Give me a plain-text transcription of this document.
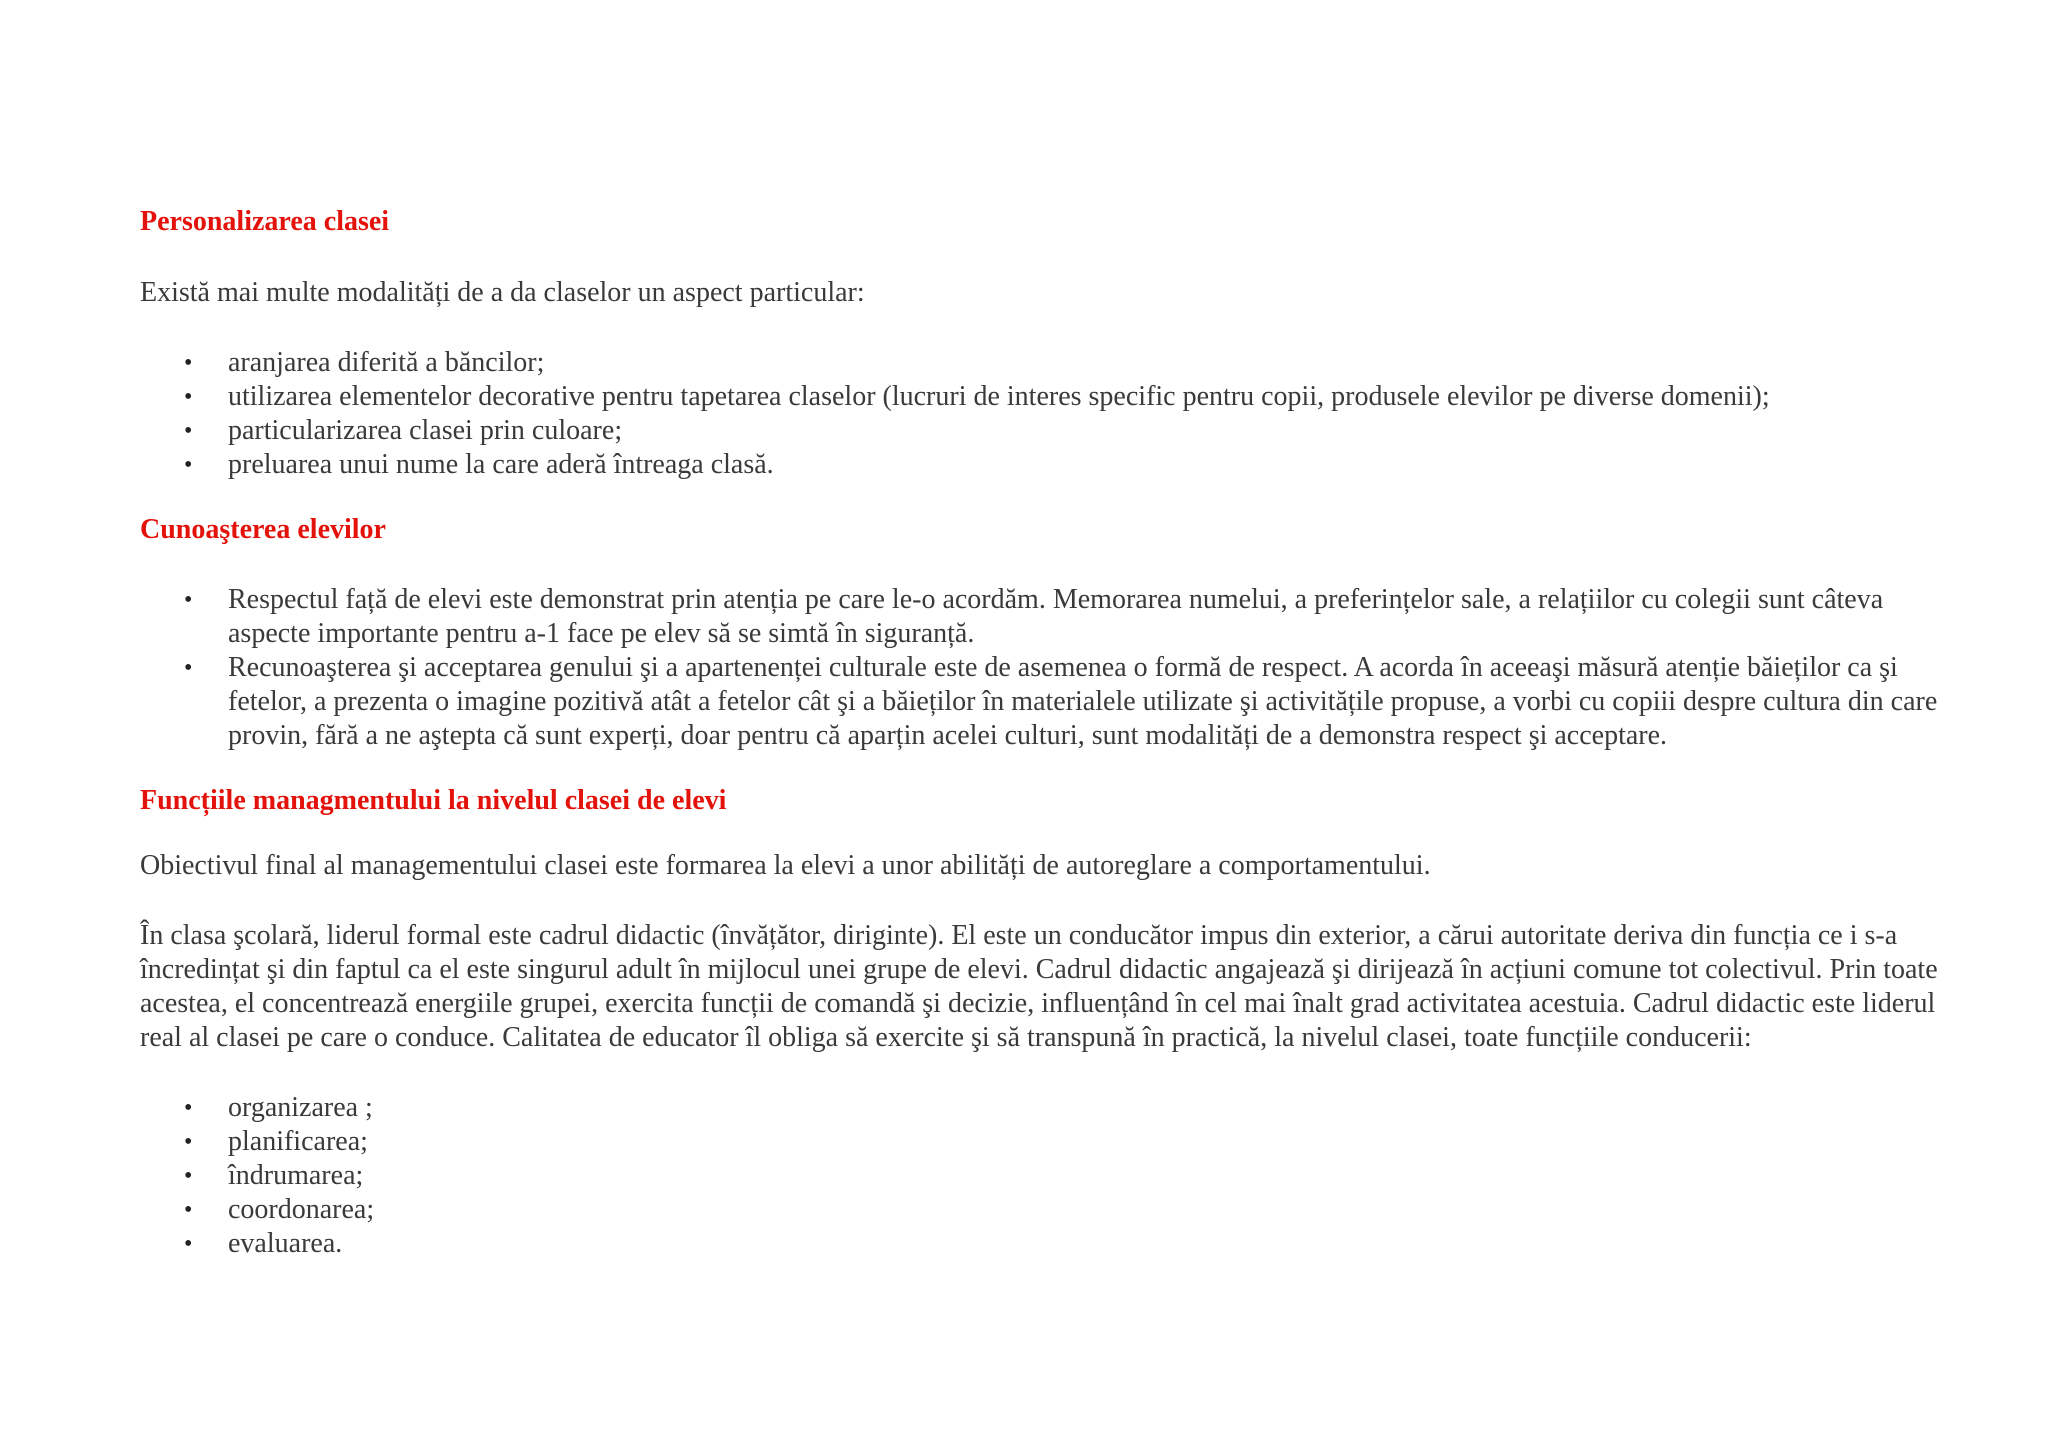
Personalizarea clasei

Există mai multe modalități de a da claselor un aspect particular:

• aranjarea diferită a băncilor;
• utilizarea elementelor decorative pentru tapetarea claselor (lucruri de interes specific pentru copii, produsele elevilor pe diverse domenii);
• particularizarea clasei prin culoare;
• preluarea unui nume la care aderă întreaga clasă.
Cunoaşterea elevilor
• Respectul față de elevi este demonstrat prin atenția pe care le-o acordăm. Memorarea numelui, a preferințelor sale, a relațiilor cu colegii sunt câteva aspecte importante pentru a-1 face pe elev să se simtă în siguranță.
• Recunoaşterea şi acceptarea genului şi a apartenenței culturale este de asemenea o formă de respect. A acorda în aceeaşi măsură atenție băieților ca şi fetelor, a prezenta o imagine pozitivă atât a fetelor cât şi a băieților în materialele utilizate şi activitățile propuse, a vorbi cu copiii despre cultura din care provin, fără a ne aştepta că sunt experți, doar pentru că aparțin acelei culturi, sunt modalități de a demonstra respect şi acceptare.
Funcțiile managmentului la nivelul clasei de elevi

Obiectivul final al managementului clasei este formarea la elevi a unor abilități de autoreglare a comportamentului.

În clasa şcolară, liderul formal este cadrul didactic (învățător, diriginte). El este un conducător impus din exterior, a cărui autoritate deriva din funcția ce i s-a încredințat şi din faptul ca el este singurul adult în mijlocul unei grupe de elevi. Cadrul didactic angajează şi dirijează în acțiuni comune tot colectivul. Prin toate acestea, el concentrează energiile grupei, exercita funcții de comandă şi decizie, influențând în cel mai înalt grad activitatea acestuia. Cadrul didactic este liderul real al clasei pe care o conduce. Calitatea de educator îl obliga să exercite şi să transpună în practică, la nivelul clasei, toate funcțiile conducerii:

• organizarea ;
• planificarea;
• îndrumarea;
• coordonarea;
• evaluarea.
